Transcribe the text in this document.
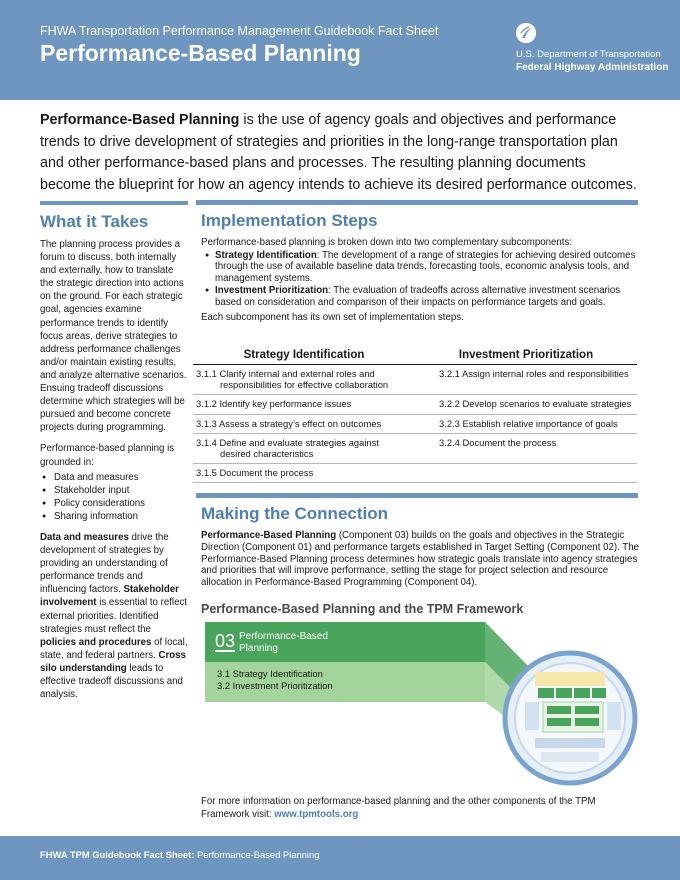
FHWA Transportation Performance Management Guidebook Fact Sheet
Performance-Based Planning	U.S. Department of Transportation
Federal Highway Administration
Performance-Based Planning is the use of agency goals and objectives and performance trends to drive development of strategies and priorities in the long-range transportation plan and other performance-based plans and processes. The resulting planning documents become the blueprint for how an agency intends to achieve its desired performance outcomes.
What it Takes

The planning process provides a forum to discuss, both internally and externally, how to translate the strategic direction into actions on the ground. For each strategic goal, agencies examine performance trends to identify focus areas, derive strategies to address performance challenges and/or maintain existing results, and analyze alternative scenarios. Ensuing tradeoff discussions determine which strategies will be pursued and become concrete projects during programming.

Performance-based planning is grounded in:

● Data and measures
● Stakeholder input
● Policy considerations
● Sharing information

Data and measures drive the development of strategies by providing an understanding of performance trends and influencing factors. Stakeholder involvement is essential to reflect external priorities. Identified strategies must reflect the policies and procedures of local, state, and federal partners. Cross silo understanding leads to effective tradeoff discussions and analysis.

Implementation Steps
Performance-based planning is broken down into two complementary subcomponents:
● Strategy Identification: The development of a range of strategies for achieving desired outcomes through the use of available baseline data trends, forecasting tools, economic analysis tools, and management systems.
● Investment Prioritization: The evaluation of tradeoffs across alternative investment scenarios based on consideration and comparison of their impacts on performance targets and goals.
Each subcomponent has its own set of implementation steps.
Strategy Identification	Investment Prioritization
3.1.1 Clarify internal and external roles and
responsibilities for effective collaboration	3.2.1 Assign internal roles and responsibilities
3.1.2 Identify key performance issues	3.2.2 Develop scenarios to evaluate strategies
3.1.3 Assess a strategy’s effect on outcomes	3.2.3 Establish relative importance of goals
3.1.4 Define and evaluate strategies against
desired characteristics	3.2.4 Document the process
3.1.5 Document the process	
Making the Connection
Performance-Based Planning (Component 03) builds on the goals and objectives in the Strategic Direction (Component 01) and performance targets established in Target Setting (Component 02). The Performance-Based Planning process determines how strategic goals translate into agency strategies and priorities that will improve performance, setting the stage for project selection and resource allocation in Performance-Based Programming (Component 04).
Performance-Based Planning and the TPM Framework
03 Performance-Based
Planning
3.1 Strategy Identification
3.2 Investment Prioritization
For more information on performance-based planning and the other components of the TPM Framework visit: www.tpmtools.org
FHWA TPM Guidebook Fact Sheet: Performance-Based Planning
